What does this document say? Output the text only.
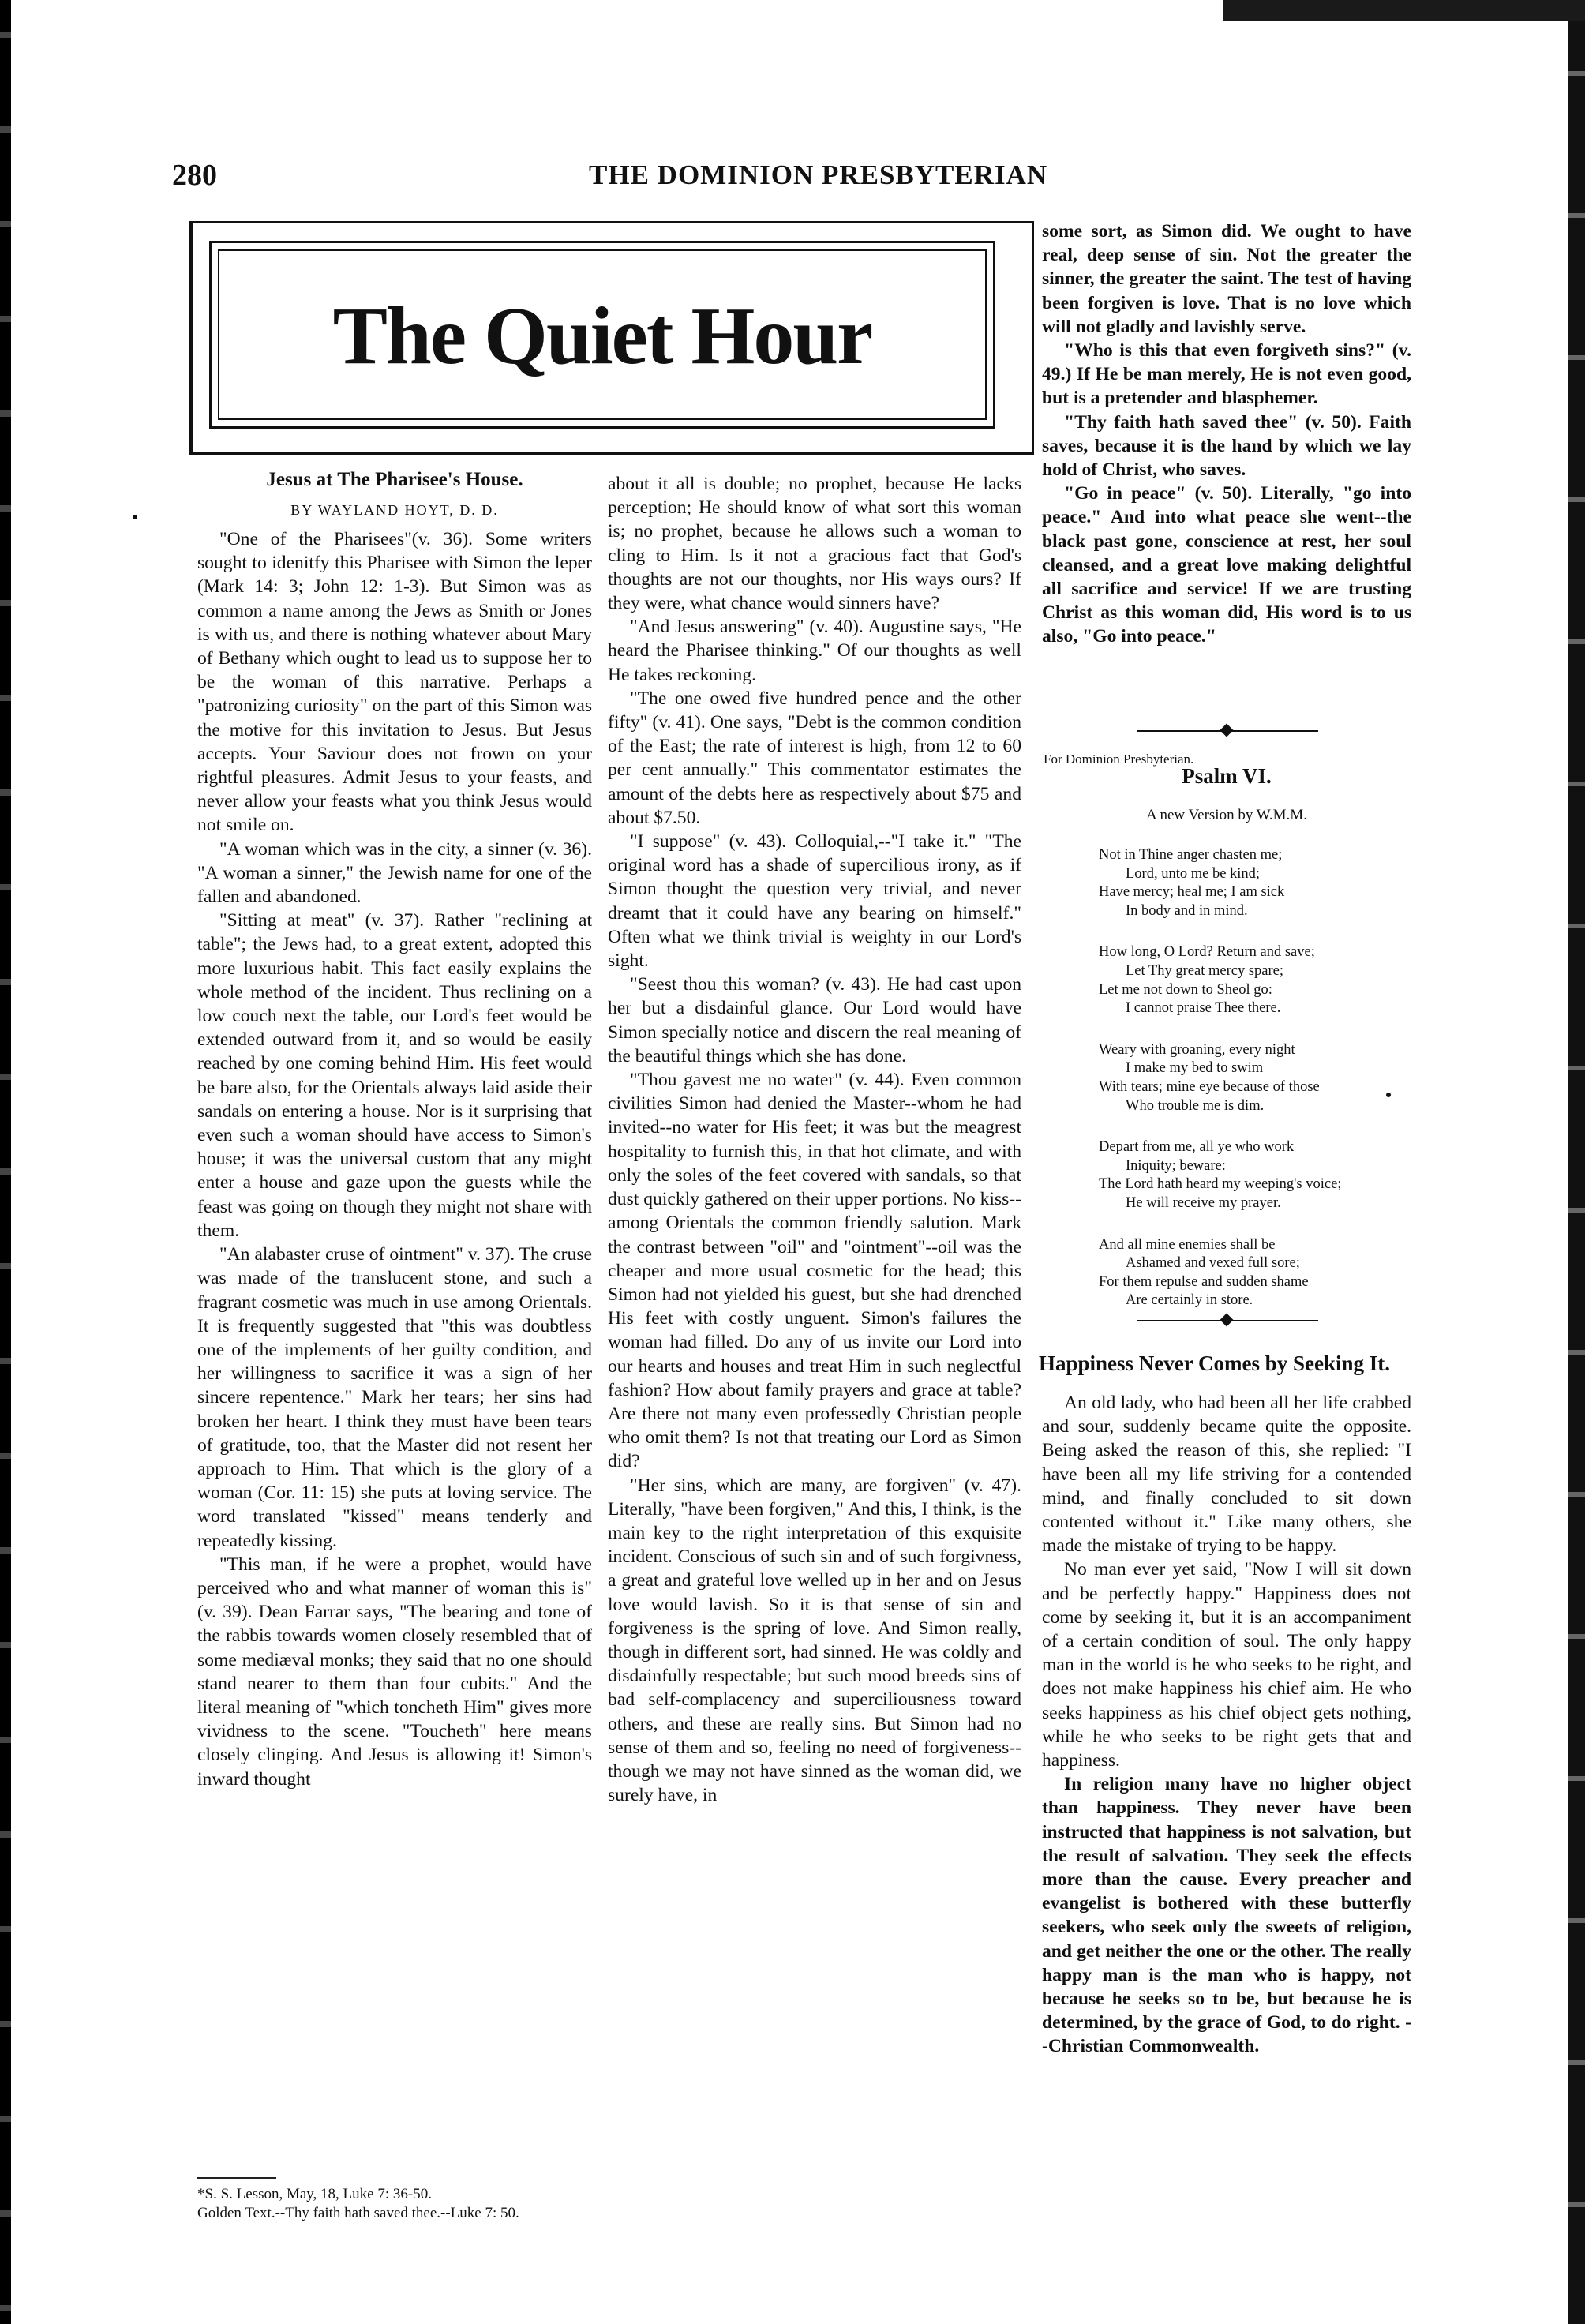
280	THE DOMINION PRESBYTERIAN
The Quiet Hour
Jesus at The Pharisee's House.
BY WAYLAND HOYT, D. D.

"One of the Pharisees"(v. 36). Some writers sought to idenitfy this Pharisee with Simon the leper (Mark 14: 3; John 12: 1-3). But Simon was as common a name among the Jews as Smith or Jones is with us, and there is nothing whatever about Mary of Bethany which ought to lead us to suppose her to be the woman of this narrative. Perhaps a "patronizing curiosity" on the part of this Simon was the motive for this invitation to Jesus. But Jesus accepts. Your Saviour does not frown on your rightful pleasures. Admit Jesus to your feasts, and never allow your feasts what you think Jesus would not smile on.

"A woman which was in the city, a sinner (v. 36). "A woman a sinner," the Jewish name for one of the fallen and abandoned.

"Sitting at meat" (v. 37). Rather "reclining at table"; the Jews had, to a great extent, adopted this more luxurious habit. This fact easily explains the whole method of the incident. Thus reclining on a low couch next the table, our Lord's feet would be extended outward from it, and so would be easily reached by one coming behind Him. His feet would be bare also, for the Orientals always laid aside their sandals on entering a house. Nor is it surprising that even such a woman should have access to Simon's house; it was the universal custom that any might enter a house and gaze upon the guests while the feast was going on though they might not share with them.

"An alabaster cruse of ointment" v. 37). The cruse was made of the translucent stone, and such a fragrant cosmetic was much in use among Orientals. It is frequently suggested that "this was doubtless one of the implements of her guilty condition, and her willingness to sacrifice it was a sign of her sincere repentence." Mark her tears; her sins had broken her heart. I think they must have been tears of gratitude, too, that the Master did not resent her approach to Him. That which is the glory of a woman (Cor. 11: 15) she puts at loving service. The word translated "kissed" means tenderly and repeatedly kissing.

"This man, if he were a prophet, would have perceived who and what manner of woman this is"(v. 39). Dean Farrar says, "The bearing and tone of the rabbis towards women closely resembled that of some mediæval monks; they said that no one should stand nearer to them than four cubits." And the literal meaning of "which toncheth Him" gives more vividness to the scene. "Toucheth" here means closely clinging. And Jesus is allowing it! Simon's inward thought

*S. S. Lesson, May, 18, Luke 7: 36-50.
Golden Text.--Thy faith hath saved thee.--Luke 7: 50.

about it all is double; no prophet, because He lacks perception; He should know of what sort this woman is; no prophet, because he allows such a woman to cling to Him. Is it not a gracious fact that God's thoughts are not our thoughts, nor His ways ours? If they were, what chance would sinners have?

"And Jesus answering" (v. 40). Augustine says, "He heard the Pharisee thinking." Of our thoughts as well He takes reckoning.

"The one owed five hundred pence and the other fifty" (v. 41). One says, "Debt is the common condition of the East; the rate of interest is high, from 12 to 60 per cent annually." This commentator estimates the amount of the debts here as respectively about $75 and about $7.50.

"I suppose" (v. 43). Colloquial,--"I take it." "The original word has a shade of supercilious irony, as if Simon thought the question very trivial, and never dreamt that it could have any bearing on himself." Often what we think trivial is weighty in our Lord's sight.

"Seest thou this woman? (v. 43). He had cast upon her but a disdainful glance. Our Lord would have Simon specially notice and discern the real meaning of the beautiful things which she has done.

"Thou gavest me no water" (v. 44). Even common civilities Simon had denied the Master--whom he had invited--no water for His feet; it was but the meagrest hospitality to furnish this, in that hot climate, and with only the soles of the feet covered with sandals, so that dust quickly gathered on their upper portions. No kiss--among Orientals the common friendly salution. Mark the contrast between "oil" and "ointment"--oil was the cheaper and more usual cosmetic for the head; this Simon had not yielded his guest, but she had drenched His feet with costly unguent. Simon's failures the woman had filled. Do any of us invite our Lord into our hearts and houses and treat Him in such neglectful fashion? How about family prayers and grace at table? Are there not many even professedly Christian people who omit them? Is not that treating our Lord as Simon did?

"Her sins, which are many, are forgiven" (v. 47). Literally, "have been forgiven," And this, I think, is the main key to the right interpretation of this exquisite incident. Conscious of such sin and of such forgivness, a great and grateful love welled up in her and on Jesus love would lavish. So it is that sense of sin and forgiveness is the spring of love. And Simon really, though in different sort, had sinned. He was coldly and disdainfully respectable; but such mood breeds sins of bad self-complacency and superciliousness toward others, and these are really sins. But Simon had no sense of them and so, feeling no need of forgiveness--though we may not have sinned as the woman did, we surely have, in

some sort, as Simon did. We ought to have real, deep sense of sin. Not the greater the sinner, the greater the saint. The test of having been forgiven is love. That is no love which will not gladly and lavishly serve.

"Who is this that even forgiveth sins?" (v. 49.) If He be man merely, He is not even good, but is a pretender and blasphemer.

"Thy faith hath saved thee" (v. 50). Faith saves, because it is the hand by which we lay hold of Christ, who saves.

"Go in peace" (v. 50). Literally, "go into peace." And into what peace she went--the black past gone, conscience at rest, her soul cleansed, and a great love making delightful all sacrifice and service! If we are trusting Christ as this woman did, His word is to us also, "Go into peace."

For Dominion Presbyterian.
Psalm VI.
A new Version by W.M.M.
Not in Thine anger chasten me;
Lord, unto me be kind;
Have mercy; heal me; I am sick
In body and in mind.
How long, O Lord? Return and save;
Let Thy great mercy spare;
Let me not down to Sheol go:
I cannot praise Thee there.
Weary with groaning, every night
I make my bed to swim
With tears; mine eye because of those
Who trouble me is dim.
Depart from me, all ye who work
Iniquity; beware:
The Lord hath heard my weeping's voice;
He will receive my prayer.
And all mine enemies shall be
Ashamed and vexed full sore;
For them repulse and sudden shame
Are certainly in store.
Happiness Never Comes by Seeking It.

An old lady, who had been all her life crabbed and sour, suddenly became quite the opposite. Being asked the reason of this, she replied: "I have been all my life striving for a contended mind, and finally concluded to sit down contented without it." Like many others, she made the mistake of trying to be happy.

No man ever yet said, "Now I will sit down and be perfectly happy." Happiness does not come by seeking it, but it is an accompaniment of a certain condition of soul. The only happy man in the world is he who seeks to be right, and does not make happiness his chief aim. He who seeks happiness as his chief object gets nothing, while he who seeks to be right gets that and happiness.

In religion many have no higher object than happiness. They never have been instructed that happiness is not salvation, but the result of salvation. They seek the effects more than the cause. Every preacher and evangelist is bothered with these butterfly seekers, who seek only the sweets of religion, and get neither the one or the other. The really happy man is the man who is happy, not because he seeks so to be, but because he is determined, by the grace of God, to do right. --Christian Commonwealth.
